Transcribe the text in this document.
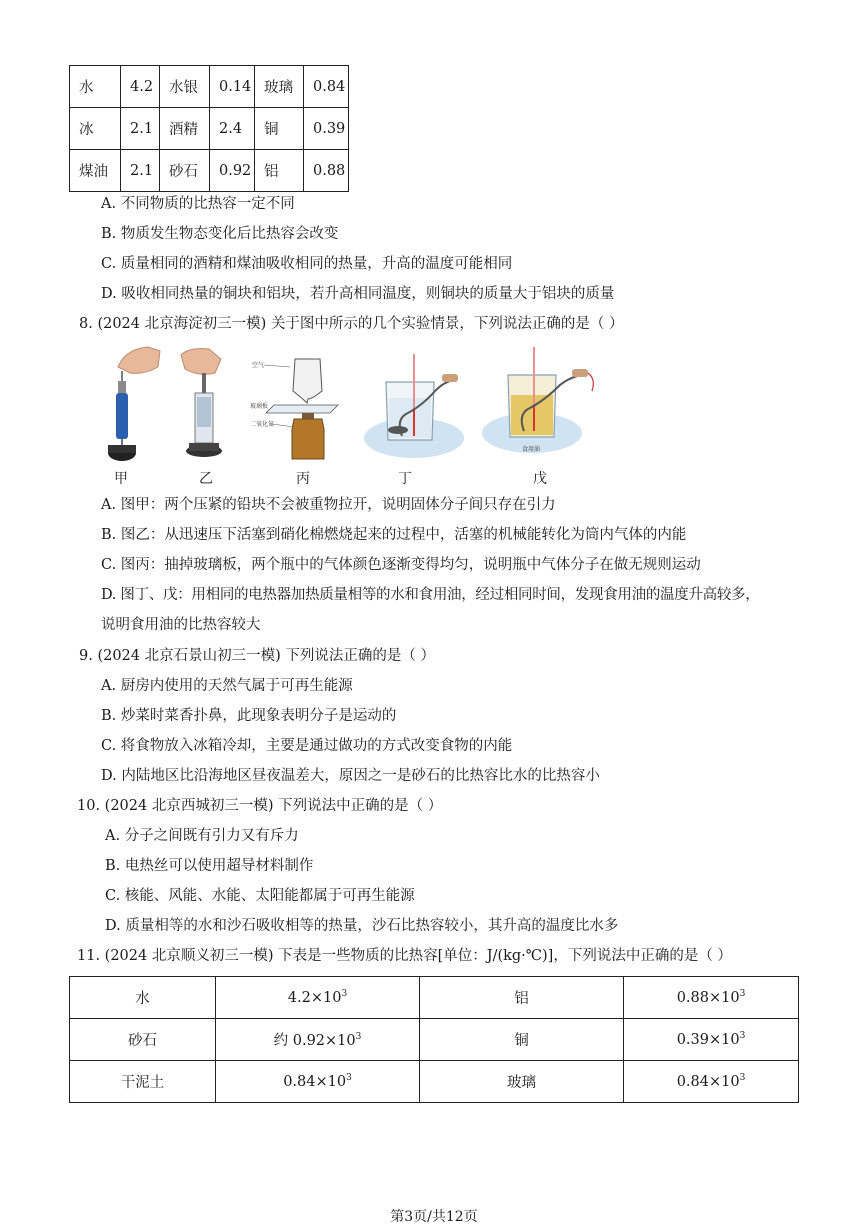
水	4.2	水银	0.14	玻璃	0.84
冰	2.1	酒精	2.4	铜	0.39
煤油	2.1	砂石	0.92	铝	0.88
A. 不同物质的比热容一定不同
B. 物质发生物态变化后比热容会改变
C. 质量相同的酒精和煤油吸收相同的热量，升高的温度可能相同
D. 吸收相同热量的铜块和铝块，若升高相同温度，则铜块的质量大于铝块的质量
8. (2024 北京海淀初三一模) 关于图中所示的几个实验情景，下列说法正确的是（ ）
空气
玻璃板
二氧化氮
食用油
甲	乙	丙	丁	戊
A. 图甲：两个压紧的铅块不会被重物拉开，说明固体分子间只存在引力
B. 图乙：从迅速压下活塞到硝化棉燃烧起来的过程中，活塞的机械能转化为筒内气体的内能
C. 图丙：抽掉玻璃板，两个瓶中的气体颜色逐渐变得均匀，说明瓶中气体分子在做无规则运动
D. 图丁、戊：用相同的电热器加热质量相等的水和食用油，经过相同时间，发现食用油的温度升高较多，
说明食用油的比热容较大
9. (2024 北京石景山初三一模) 下列说法正确的是（ ）
A. 厨房内使用的天然气属于可再生能源
B. 炒菜时菜香扑鼻，此现象表明分子是运动的
C. 将食物放入冰箱冷却，主要是通过做功的方式改变食物的内能
D. 内陆地区比沿海地区昼夜温差大，原因之一是砂石的比热容比水的比热容小
10. (2024 北京西城初三一模) 下列说法中正确的是（ ）
A. 分子之间既有引力又有斥力
B. 电热丝可以使用超导材料制作
C. 核能、风能、水能、太阳能都属于可再生能源
D. 质量相等的水和沙石吸收相等的热量，沙石比热容较小，其升高的温度比水多
11. (2024 北京顺义初三一模) 下表是一些物质的比热容[单位：J/(kg·℃)]，下列说法中正确的是（ ）
水	$4.2\times 10^3$	铝	$0.88\times 10^3$
砂石	约 $0.92\times 10^3$	铜	$0.39\times 10^3$
干泥土	$0.84\times 10^3$	玻璃	$0.84\times 10^3$
第3页/共12页
